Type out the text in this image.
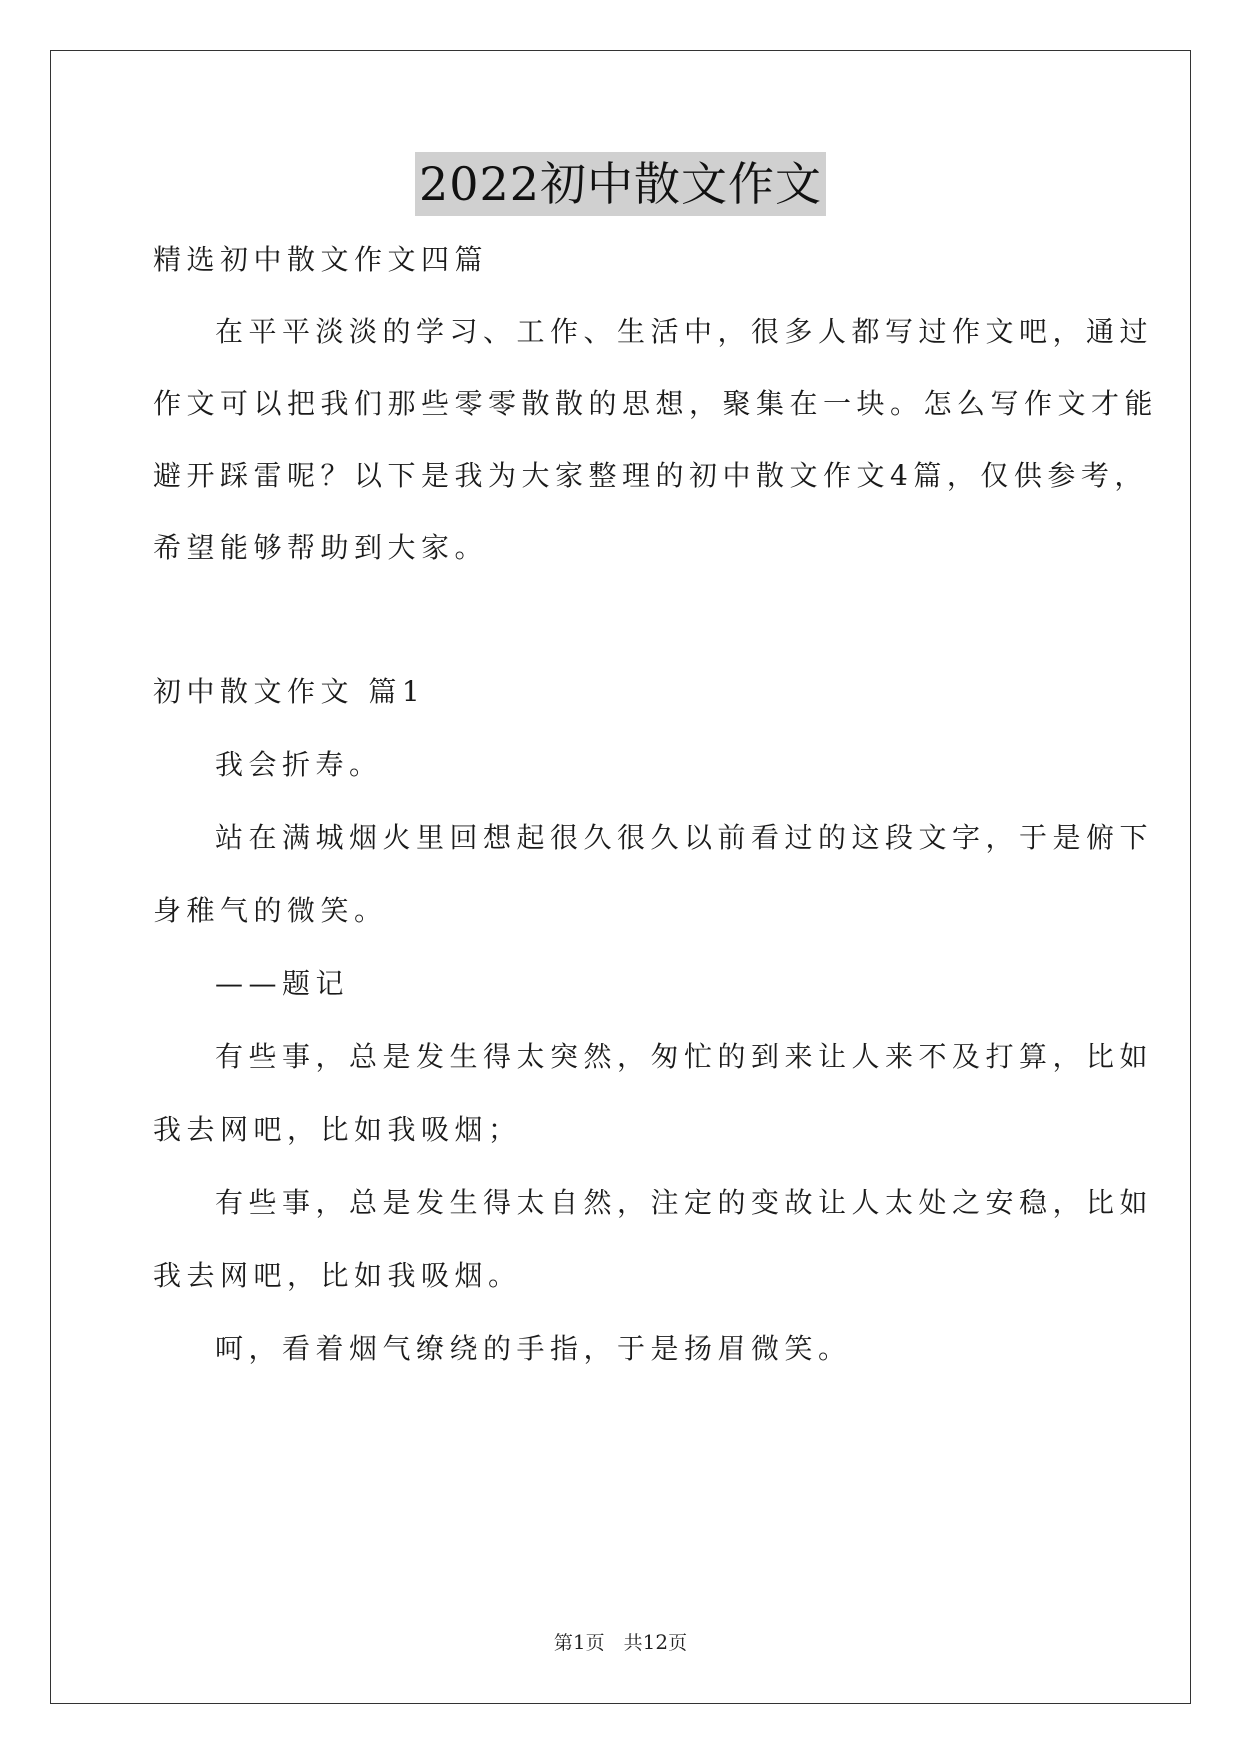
2022初中散文作文
精选初中散文作文四篇
在平平淡淡的学习、工作、生活中，很多人都写过作文吧，通过
作文可以把我们那些零零散散的思想，聚集在一块。怎么写作文才能
避开踩雷呢？以下是我为大家整理的初中散文作文4篇，仅供参考，
希望能够帮助到大家。
初中散文作文 篇1
我会折寿。
站在满城烟火里回想起很久很久以前看过的这段文字，于是俯下
身稚气的微笑。
——题记
有些事，总是发生得太突然，匆忙的到来让人来不及打算，比如
我去网吧，比如我吸烟；
有些事，总是发生得太自然，注定的变故让人太处之安稳，比如
我去网吧，比如我吸烟。
呵，看着烟气缭绕的手指，于是扬眉微笑。
第1页　共12页
